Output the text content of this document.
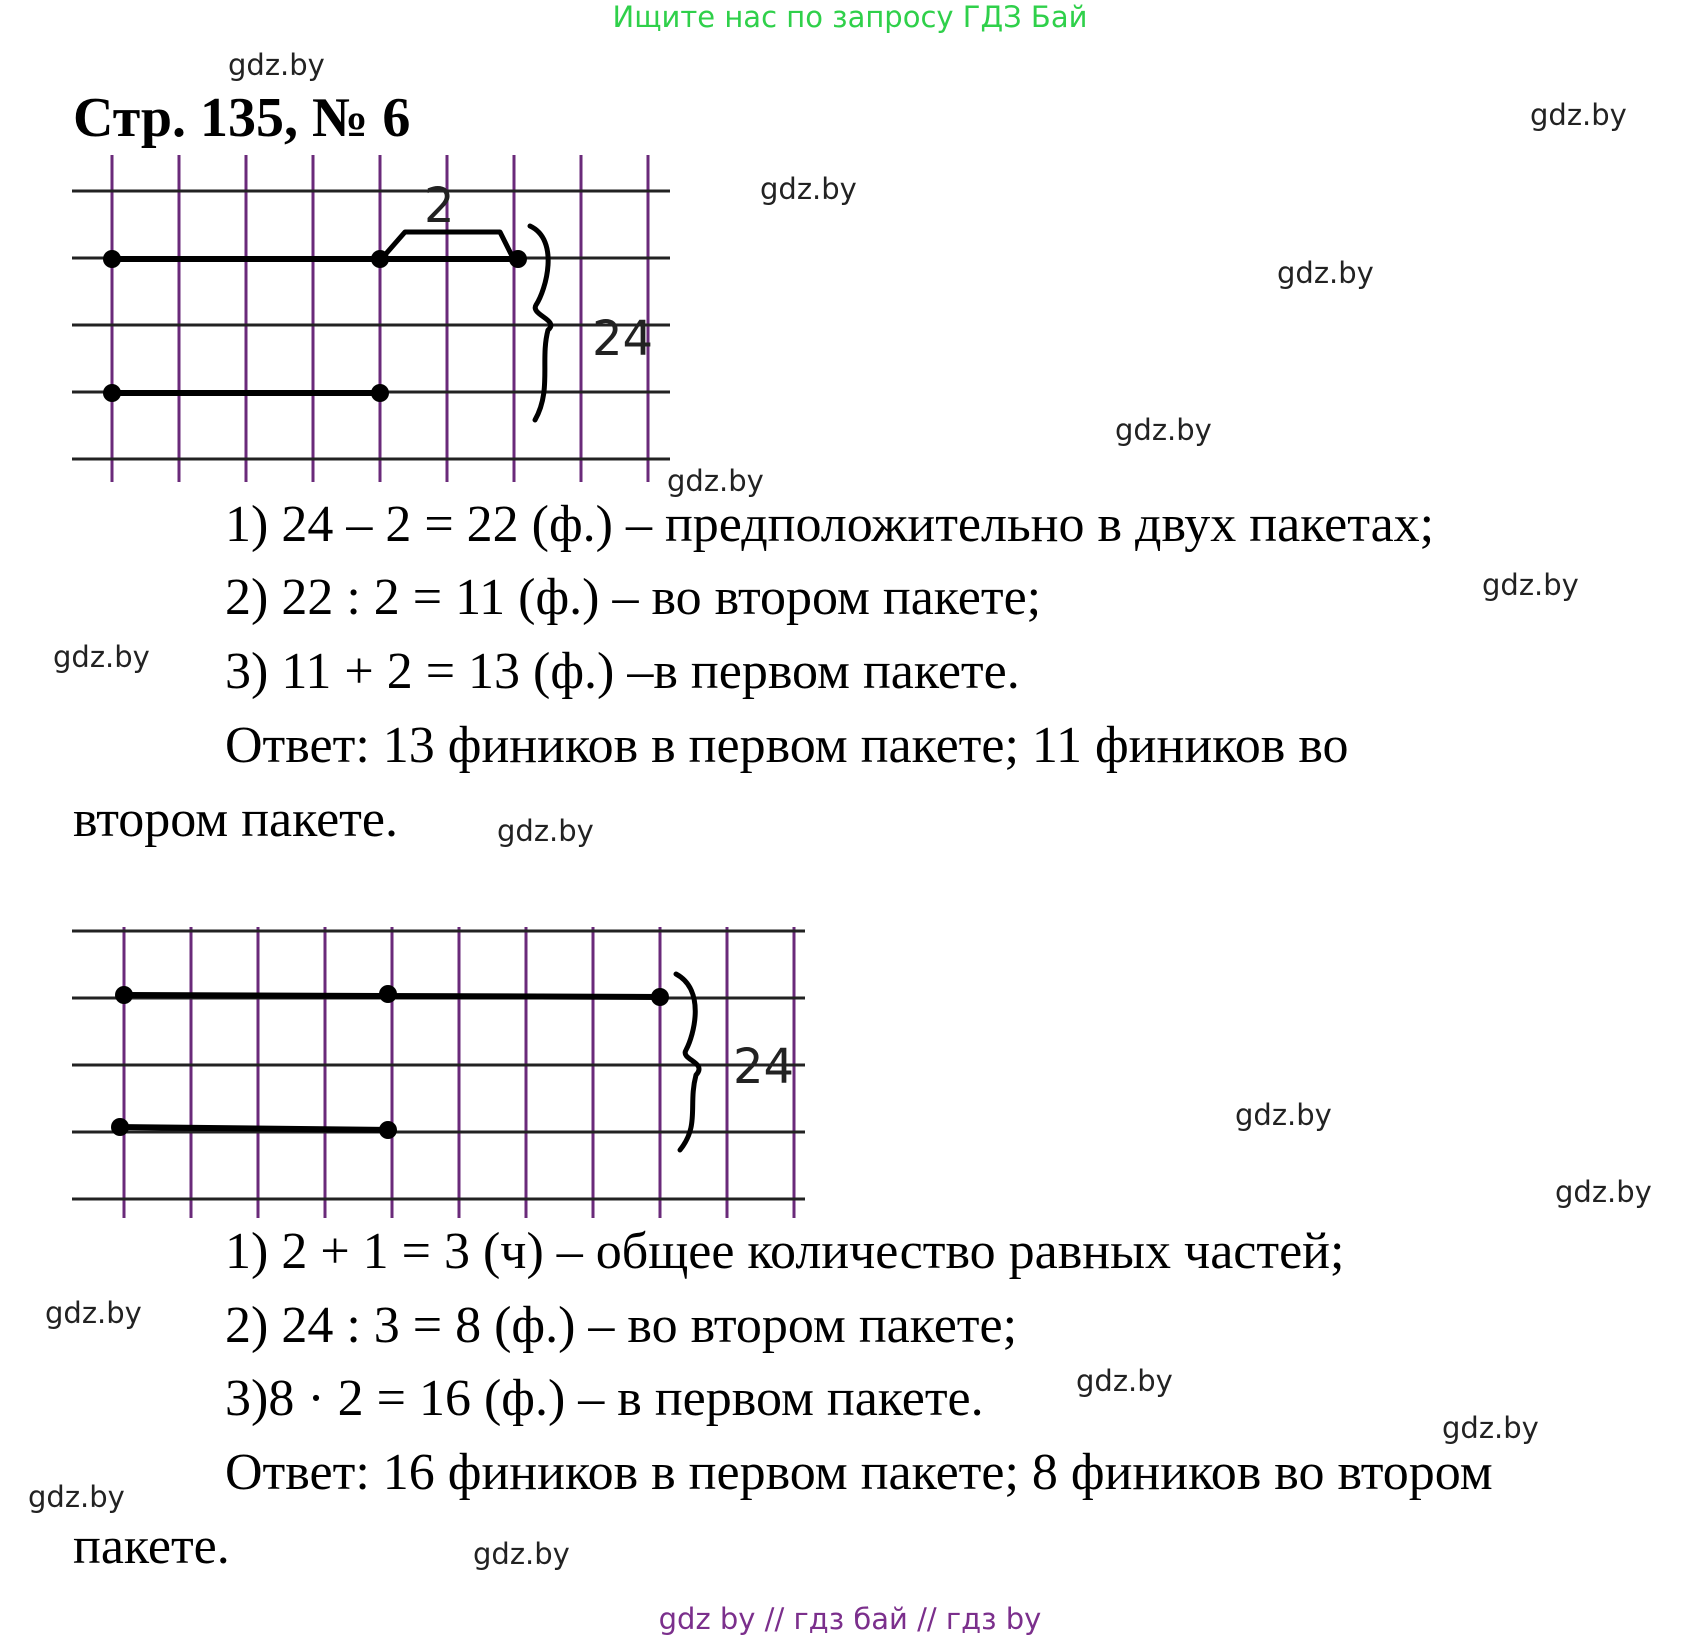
Ищите нас по запросу ГДЗ Бай
Стр. 135, № 6
gdz.by
gdz.by
gdz.by
gdz.by
gdz.by
gdz.by
gdz.by
gdz.by
gdz.by
gdz.by
gdz.by
gdz.by
gdz.by
gdz.by
gdz.by
gdz.by
2
24
1) 24 – 2 = 22 (ф.) – предположительно в двух пакетах;
2) 22 : 2 = 11 (ф.) – во втором пакете;
3) 11 + 2 = 13 (ф.) –в первом пакете.
Ответ: 13 фиников в первом пакете; 11 фиников во
втором пакете.
24
1) 2 + 1 = 3 (ч) – общее количество равных частей;
2) 24 : 3 = 8 (ф.) – во втором пакете;
3)8 · 2 = 16 (ф.) – в первом пакете.
Ответ: 16 фиников в первом пакете; 8 фиников во втором
пакете.
gdz by // гдз бай // гдз by
